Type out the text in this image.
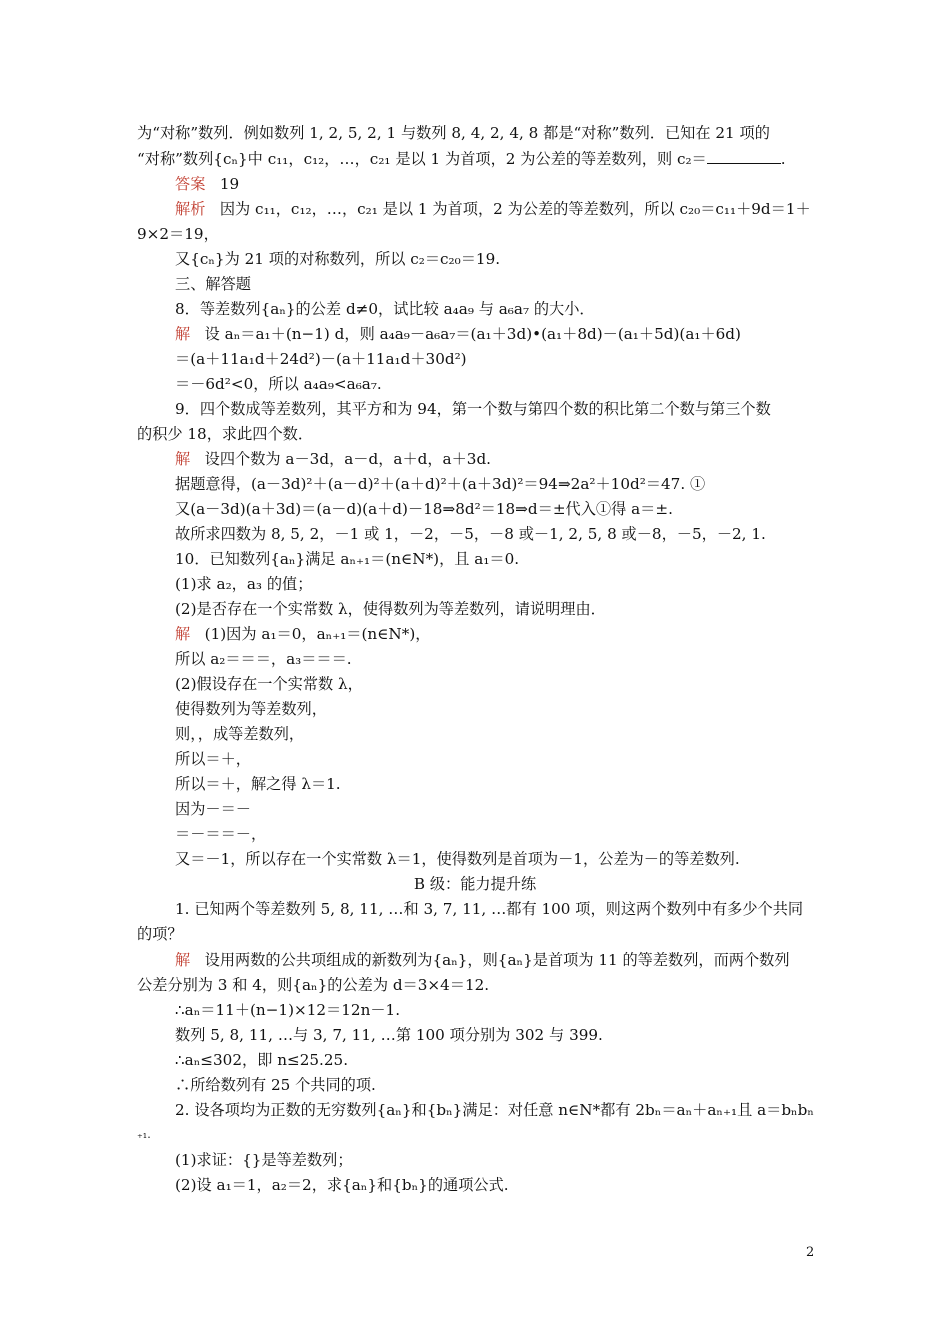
为“对称”数列．例如数列 1, 2, 5, 2, 1 与数列 8, 4, 2, 4, 8 都是“对称”数列．已知在 21 项的
“对称”数列{cₙ}中 c₁₁，c₁₂，…，c₂₁ 是以 1 为首项，2 为公差的等差数列，则 c₂＝	.
答案 19
解析 因为 c₁₁，c₁₂，…，c₂₁ 是以 1 为首项，2 为公差的等差数列，所以 c₂₀＝c₁₁＋9d＝1＋
9×2＝19，
又{cₙ}为 21 项的对称数列，所以 c₂＝c₂₀＝19.
三、解答题
8．等差数列{aₙ}的公差 d≠0，试比较 a₄a₉ 与 a₆a₇ 的大小．
解 设 aₙ＝a₁＋(n−1) d，则 a₄a₉－a₆a₇＝(a₁＋3d)•(a₁＋8d)－(a₁＋5d)(a₁＋6d)
＝(a＋11a₁d＋24d²)－(a＋11a₁d＋30d²)
＝－6d²<0，所以 a₄a₉<a₆a₇.
9．四个数成等差数列，其平方和为 94，第一个数与第四个数的积比第二个数与第三个数
的积少 18，求此四个数．
解 设四个数为 a－3d，a－d，a＋d，a＋3d.
据题意得，(a－3d)²＋(a－d)²＋(a＋d)²＋(a＋3d)²＝94⇒2a²＋10d²＝47. ①
又(a－3d)(a＋3d)＝(a－d)(a＋d)－18⇒8d²＝18⇒d＝±代入①得 a＝±.
故所求四数为 8, 5, 2，－1 或 1，－2，－5，－8 或－1, 2, 5, 8 或－8，－5，－2, 1.
10．已知数列{aₙ}满足 aₙ₊₁＝(n∈N*)，且 a₁＝0.
(1)求 a₂，a₃ 的值；
(2)是否存在一个实常数 λ，使得数列为等差数列，请说明理由．
解 (1)因为 a₁＝0，aₙ₊₁＝(n∈N*)，
所以 a₂＝＝＝，a₃＝＝＝.
(2)假设存在一个实常数 λ，
使得数列为等差数列，
则，，成等差数列，
所以＝＋，
所以＝＋，解之得 λ＝1.
因为－＝－
＝－＝＝－，
又＝－1，所以存在一个实常数 λ＝1，使得数列是首项为－1，公差为－的等差数列.
B 级：能力提升练
1. 已知两个等差数列 5, 8, 11, …和 3, 7, 11, …都有 100 项，则这两个数列中有多少个共同
的项？
解 设用两数的公共项组成的新数列为{aₙ}，则{aₙ}是首项为 11 的等差数列，而两个数列
公差分别为 3 和 4，则{aₙ}的公差为 d＝3×4＝12.
∴aₙ＝11＋(n−1)×12＝12n－1.
数列 5, 8, 11, …与 3, 7, 11, …第 100 项分别为 302 与 399.
∴aₙ≤302，即 n≤25.25.
∴所给数列有 25 个共同的项.
2. 设各项均为正数的无穷数列{aₙ}和{bₙ}满足：对任意 n∈N*都有 2bₙ＝aₙ＋aₙ₊₁且 a＝bₙbₙ
₊₁.
(1)求证：{}是等差数列；
(2)设 a₁＝1，a₂＝2，求{aₙ}和{bₙ}的通项公式.
2
